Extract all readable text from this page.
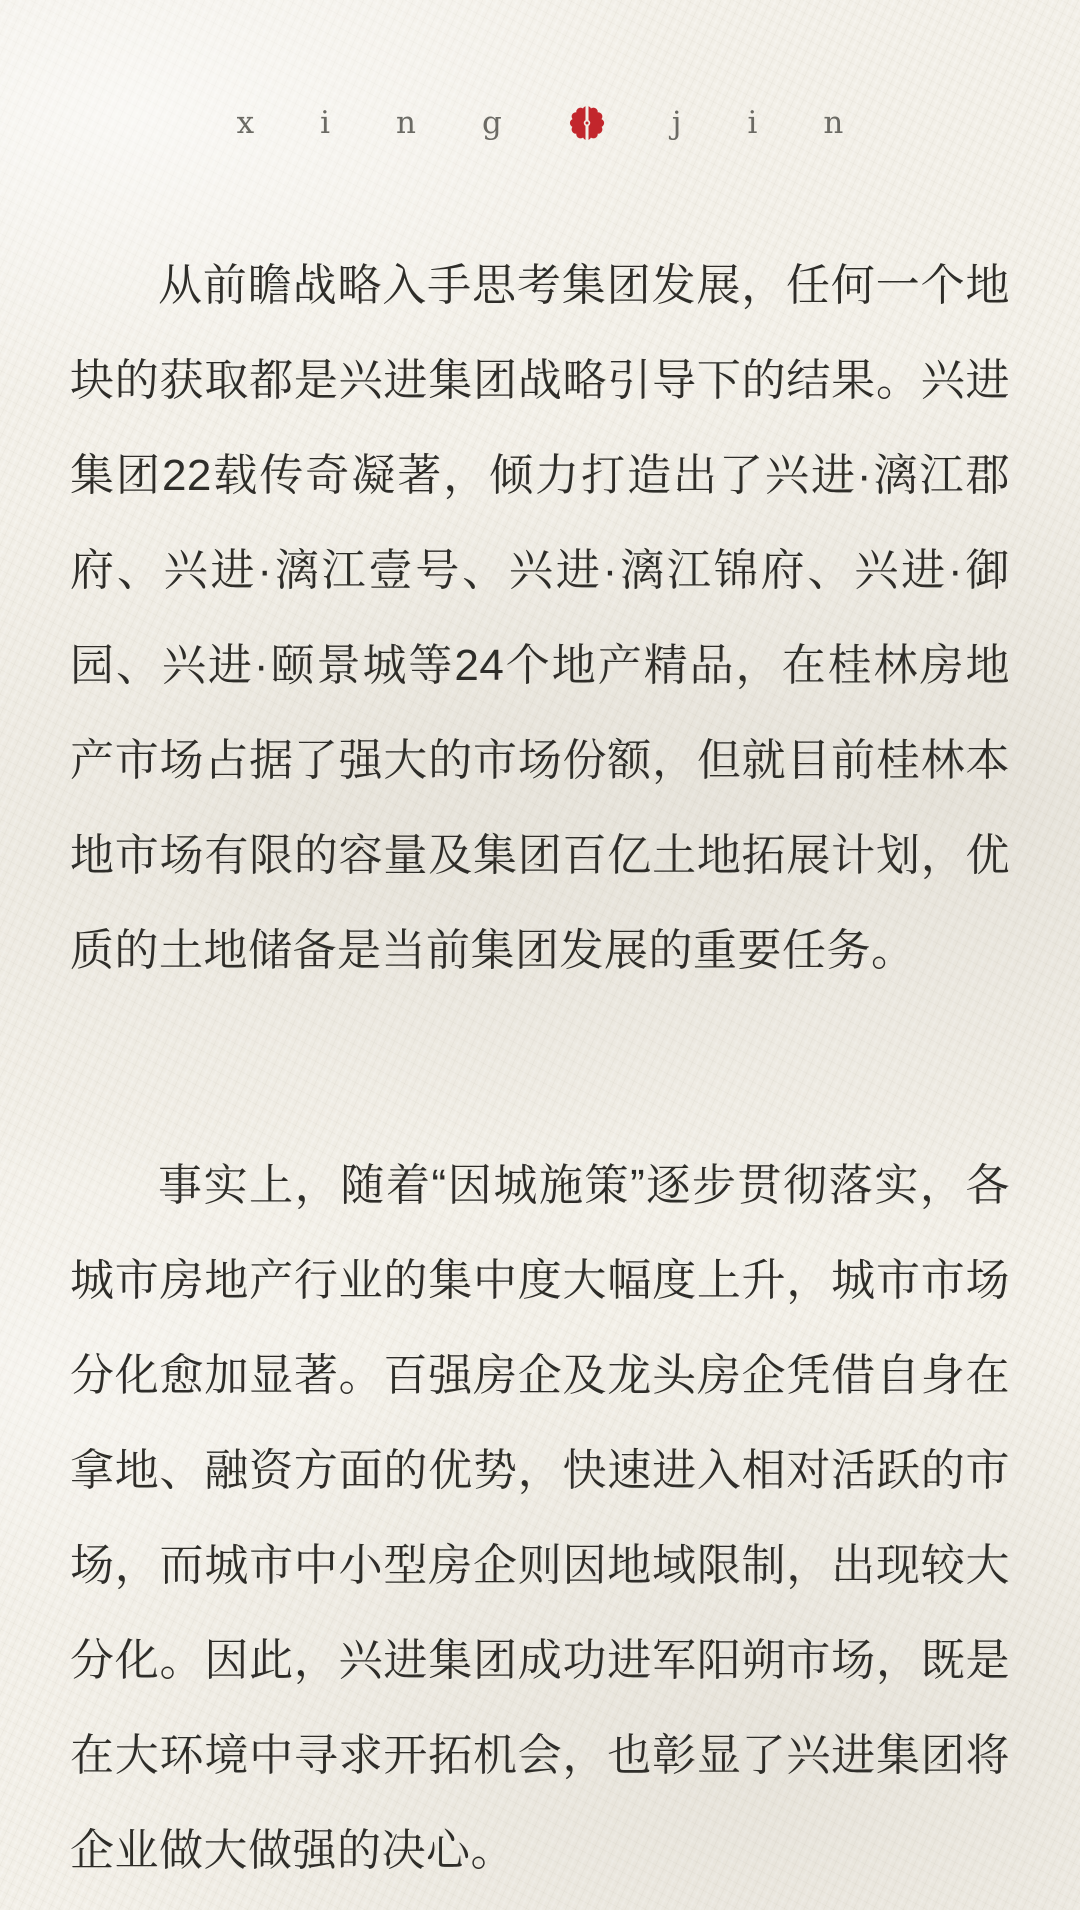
x i n g	j i n

从前瞻战略入手思考集团发展，任何一个地块的获取都是兴进集团战略引导下的结果。兴进集团22载传奇凝著，倾力打造出了兴进·漓江郡府、兴进·漓江壹号、兴进·漓江锦府、兴进·御园、兴进·颐景城等24个地产精品，在桂林房地产市场占据了强大的市场份额，但就目前桂林本地市场有限的容量及集团百亿土地拓展计划，优质的土地储备是当前集团发展的重要任务。

事实上，随着“因城施策”逐步贯彻落实，各城市房地产行业的集中度大幅度上升，城市市场分化愈加显著。百强房企及龙头房企凭借自身在拿地、融资方面的优势，快速进入相对活跃的市场，而城市中小型房企则因地域限制，出现较大分化。因此，兴进集团成功进军阳朔市场，既是在大环境中寻求开拓机会，也彰显了兴进集团将企业做大做强的决心。
